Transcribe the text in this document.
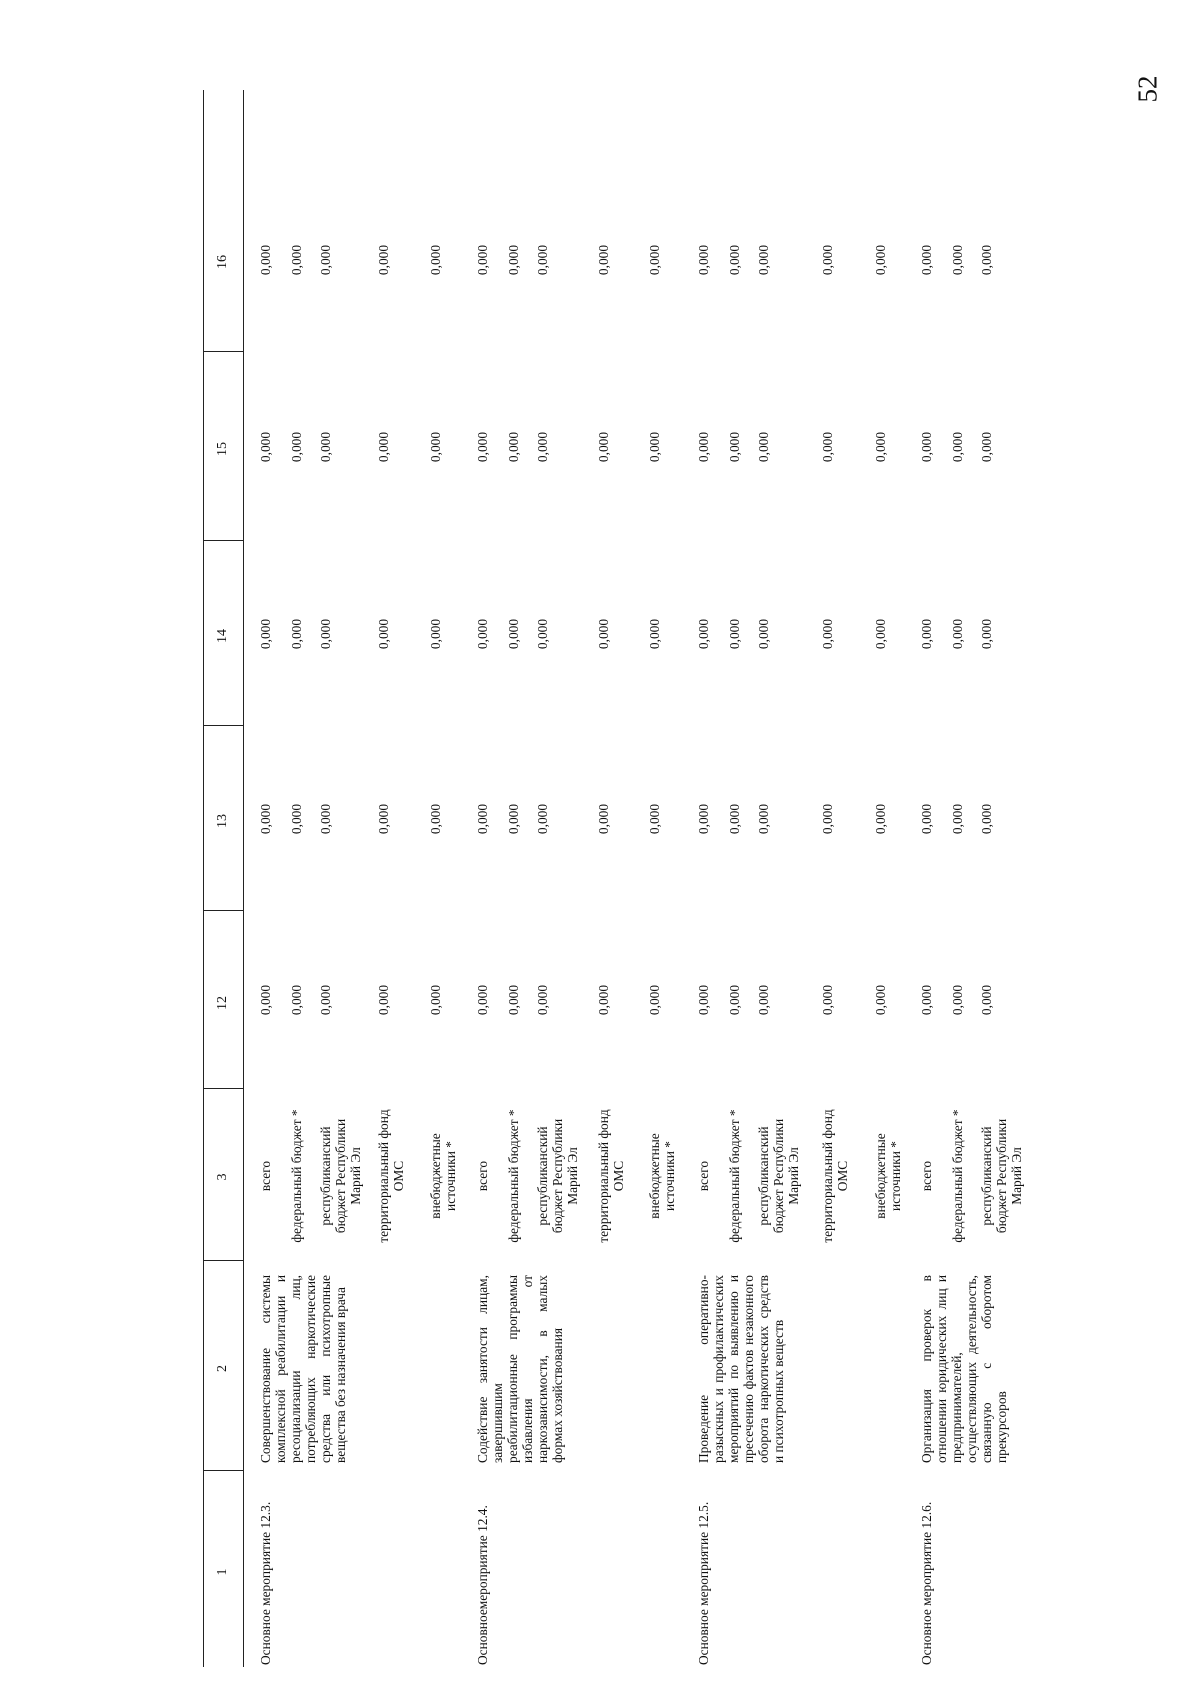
52
1
2
3
12
13
14
15
16
Основное мероприятие 12.3.
Совершенствование системы комплексной реабилитации и ресоциализации лиц, потребляющих наркотические средства или психотропные вещества без назначения врача
всего
0,000
0,000
0,000
0,000
0,000
федеральный бюджет *
0,000
0,000
0,000
0,000
0,000
республиканский бюджет Республики Марий Эл
0,000
0,000
0,000
0,000
0,000
территориальный фонд ОМС
0,000
0,000
0,000
0,000
0,000
внебюджетные источники *
0,000
0,000
0,000
0,000
0,000
Основноемероприятие 12.4.
Содействие занятости лицам, завершившим реабилитационные программы избавления от наркозависимости, в малых формах хозяйствования
всего
0,000
0,000
0,000
0,000
0,000
федеральный бюджет *
0,000
0,000
0,000
0,000
0,000
республиканский бюджет Республики Марий Эл
0,000
0,000
0,000
0,000
0,000
территориальный фонд ОМС
0,000
0,000
0,000
0,000
0,000
внебюджетные источники *
0,000
0,000
0,000
0,000
0,000
Основное мероприятие 12.5.
Проведение оперативно-разыскных и профилактических мероприятий по выявлению и пресечению фактов незаконного оборота наркотических средств и психотропных веществ
всего
0,000
0,000
0,000
0,000
0,000
федеральный бюджет *
0,000
0,000
0,000
0,000
0,000
республиканский бюджет Республики Марий Эл
0,000
0,000
0,000
0,000
0,000
территориальный фонд ОМС
0,000
0,000
0,000
0,000
0,000
внебюджетные источники *
0,000
0,000
0,000
0,000
0,000
Основное мероприятие 12.6.
Организация проверок в отношении юридических лиц и предпринимателей, осуществляющих деятельность, связанную с оборотом прекурсоров
всего
0,000
0,000
0,000
0,000
0,000
федеральный бюджет *
0,000
0,000
0,000
0,000
0,000
республиканский бюджет Республики Марий Эл
0,000
0,000
0,000
0,000
0,000
